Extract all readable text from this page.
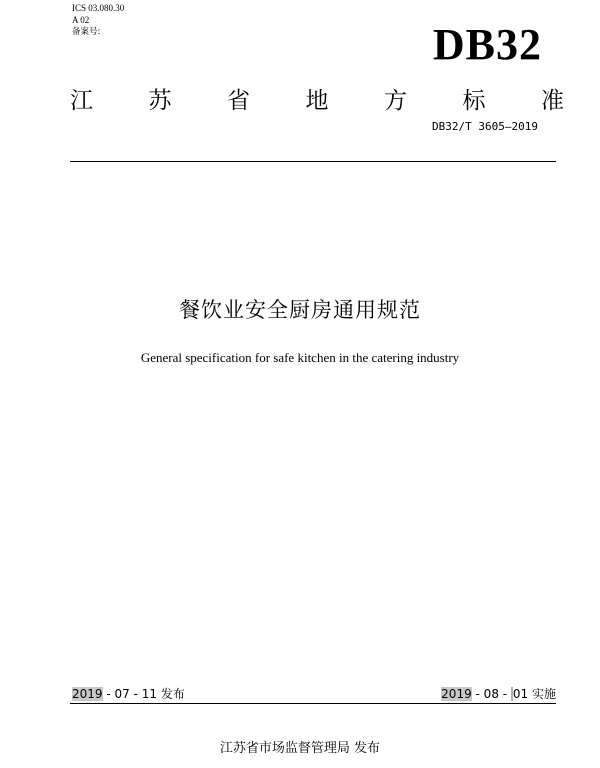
ICS 03.080.30
A 02
备案号:	DB32
江 苏 省 地 方 标 准
DB32/T 3605—2019
餐饮业安全厨房通用规范
General specification for safe kitchen in the catering industry
2019 - 07 - 11 发布	2019 - 08 - 01 实施
江苏省市场监督管理局 发布
